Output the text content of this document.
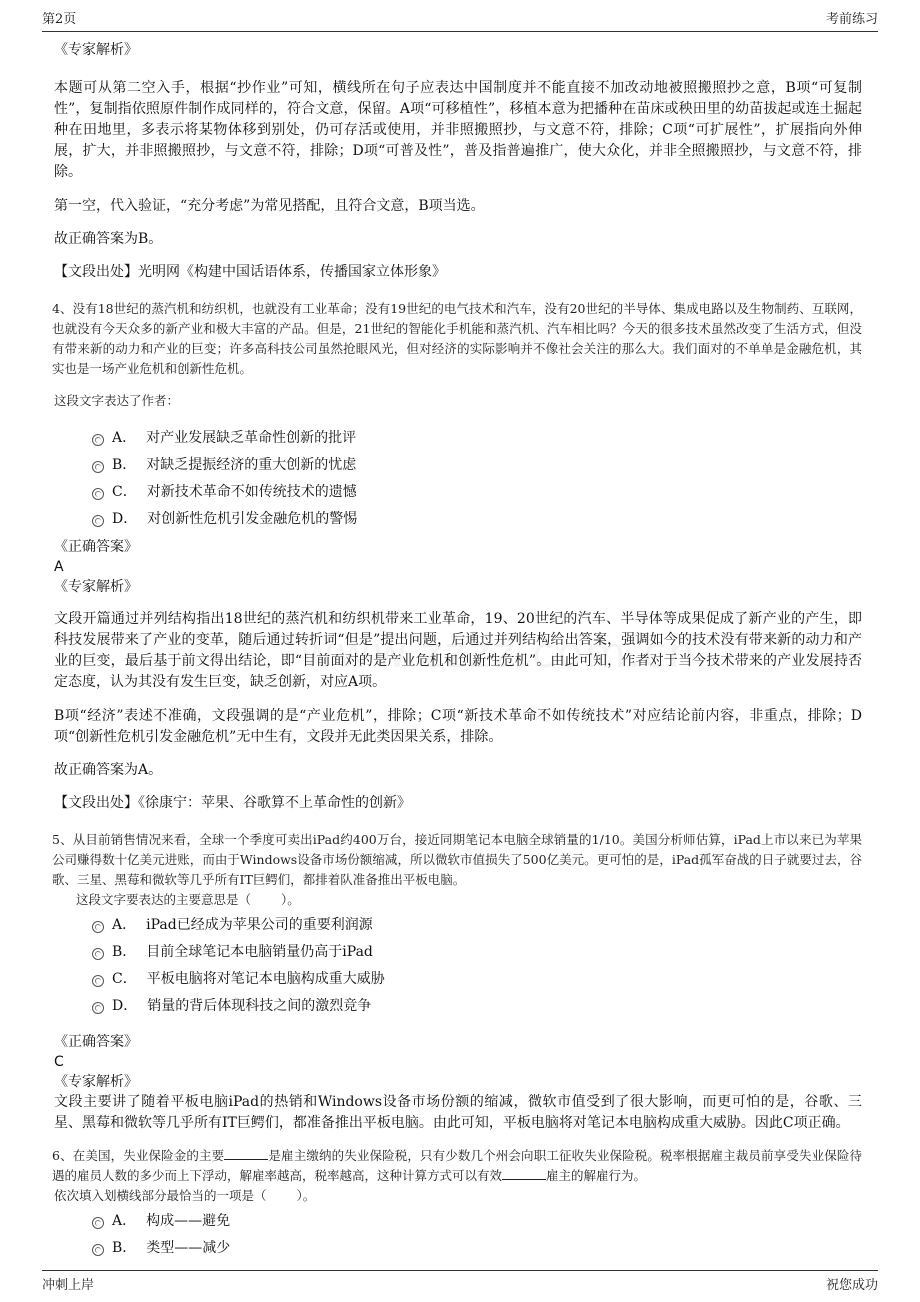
第2页	考前练习

《专家解析》

本题可从第二空入手，根据“抄作业”可知，横线所在句子应表达中国制度并不能直接不加改动地被照搬照抄之意，B项“可复制性”，复制指依照原件制作成同样的，符合文意，保留。A项“可移植性”，移植本意为把播种在苗床或秧田里的幼苗拔起或连土掘起种在田地里，多表示将某物体移到别处，仍可存活或使用，并非照搬照抄，与文意不符，排除；C项“可扩展性”，扩展指向外伸展，扩大，并非照搬照抄，与文意不符，排除；D项“可普及性”，普及指普遍推广，使大众化，并非全照搬照抄，与文意不符，排除。

第一空，代入验证，“充分考虑”为常见搭配，且符合文意，B项当选。

故正确答案为B。

【文段出处】光明网《构建中国话语体系，传播国家立体形象》

4、没有18世纪的蒸汽机和纺织机，也就没有工业革命；没有19世纪的电气技术和汽车，没有20世纪的半导体、集成电路以及生物制药、互联网，也就没有今天众多的新产业和极大丰富的产品。但是，21世纪的智能化手机能和蒸汽机、汽车相比吗？今天的很多技术虽然改变了生活方式，但没有带来新的动力和产业的巨变；许多高科技公司虽然抢眼风光，但对经济的实际影响并不像社会关注的那么大。我们面对的不单单是金融危机，其实也是一场产业危机和创新性危机。

这段文字表达了作者：

A． 对产业发展缺乏革命性创新的批评
B． 对缺乏提振经济的重大创新的忧虑
C． 对新技术革命不如传统技术的遗憾
D． 对创新性危机引发金融危机的警惕

《正确答案》

A

《专家解析》

文段开篇通过并列结构指出18世纪的蒸汽机和纺织机带来工业革命，19、20世纪的汽车、半导体等成果促成了新产业的产生，即科技发展带来了产业的变革，随后通过转折词“但是”提出问题，后通过并列结构给出答案，强调如今的技术没有带来新的动力和产业的巨变，最后基于前文得出结论，即“目前面对的是产业危机和创新性危机”。由此可知，作者对于当今技术带来的产业发展持否定态度，认为其没有发生巨变，缺乏创新，对应A项。

B项“经济”表述不准确，文段强调的是“产业危机”，排除；C项“新技术革命不如传统技术”对应结论前内容，非重点，排除；D项“创新性危机引发金融危机”无中生有，文段并无此类因果关系，排除。

故正确答案为A。

【文段出处】《徐康宁：苹果、谷歌算不上革命性的创新》

5、从目前销售情况来看，全球一个季度可卖出iPad约400万台，接近同期笔记本电脑全球销量的1/10。美国分析师估算，iPad上市以来已为苹果公司赚得数十亿美元进账，而由于Windows设备市场份额缩减，所以微软市值损失了500亿美元。更可怕的是，iPad孤军奋战的日子就要过去，谷歌、三星、黑莓和微软等几乎所有IT巨鳄们，都排着队准备推出平板电脑。

这段文字要表达的主要意思是（ ）。

A． iPad已经成为苹果公司的重要利润源
B． 目前全球笔记本电脑销量仍高于iPad
C． 平板电脑将对笔记本电脑构成重大威胁
D． 销量的背后体现科技之间的激烈竞争

《正确答案》

C

《专家解析》

文段主要讲了随着平板电脑iPad的热销和Windows设备市场份额的缩减，微软市值受到了很大影响，而更可怕的是，谷歌、三星、黑莓和微软等几乎所有IT巨鳄们，都准备推出平板电脑。由此可知，平板电脑将对笔记本电脑构成重大威胁。因此C项正确。

6、在美国，失业保险金的主要	是雇主缴纳的失业保险税，只有少数几个州会向职工征收失业保险税。税率根据雇主裁员前享受失业保险待遇的雇员人数的多少而上下浮动，解雇率越高，税率越高，这种计算方式可以有效	雇主的解雇行为。

依次填入划横线部分最恰当的一项是（ ）。

A． 构成——避免
B． 类型——减少
冲刺上岸	祝您成功
